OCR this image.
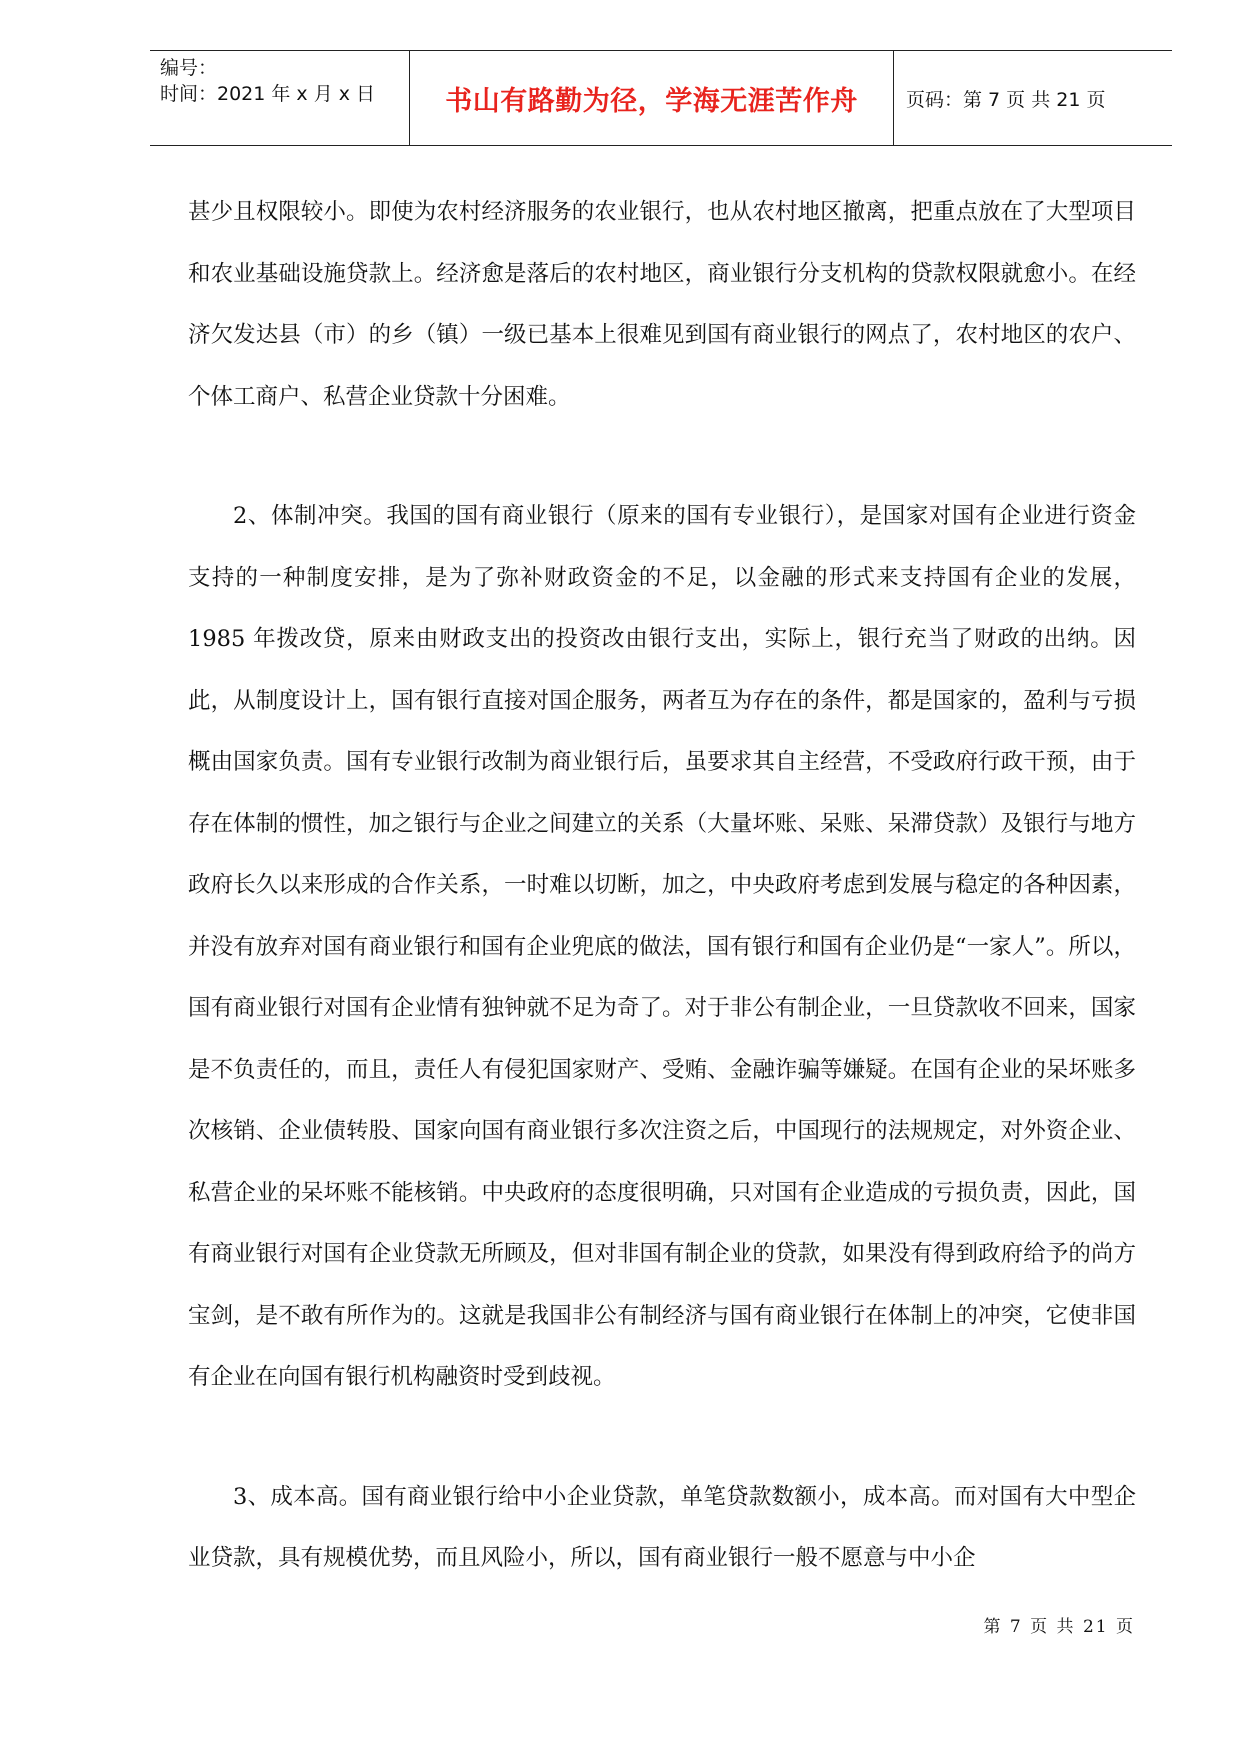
编号：
时间：2021 年 x 月 x 日	书山有路勤为径，学海无涯苦作舟	页码：第 7 页 共 21 页

甚少且权限较小。即使为农村经济服务的农业银行，也从农村地区撤离，把重点放在了大型项目和农业基础设施贷款上。经济愈是落后的农村地区，商业银行分支机构的贷款权限就愈小。在经济欠发达县（市）的乡（镇）一级已基本上很难见到国有商业银行的网点了，农村地区的农户、个体工商户、私营企业贷款十分困难。

2、体制冲突。我国的国有商业银行（原来的国有专业银行），是国家对国有企业进行资金支持的一种制度安排，是为了弥补财政资金的不足，以金融的形式来支持国有企业的发展，1985 年拨改贷，原来由财政支出的投资改由银行支出，实际上，银行充当了财政的出纳。因此，从制度设计上，国有银行直接对国企服务，两者互为存在的条件，都是国家的，盈利与亏损概由国家负责。国有专业银行改制为商业银行后，虽要求其自主经营，不受政府行政干预，由于存在体制的惯性，加之银行与企业之间建立的关系（大量坏账、呆账、呆滞贷款）及银行与地方政府长久以来形成的合作关系，一时难以切断，加之，中央政府考虑到发展与稳定的各种因素，并没有放弃对国有商业银行和国有企业兜底的做法，国有银行和国有企业仍是“一家人”。所以，国有商业银行对国有企业情有独钟就不足为奇了。对于非公有制企业，一旦贷款收不回来，国家是不负责任的，而且，责任人有侵犯国家财产、受贿、金融诈骗等嫌疑。在国有企业的呆坏账多次核销、企业债转股、国家向国有商业银行多次注资之后，中国现行的法规规定，对外资企业、私营企业的呆坏账不能核销。中央政府的态度很明确，只对国有企业造成的亏损负责，因此，国有商业银行对国有企业贷款无所顾及，但对非国有制企业的贷款，如果没有得到政府给予的尚方宝剑，是不敢有所作为的。这就是我国非公有制经济与国有商业银行在体制上的冲突，它使非国有企业在向国有银行机构融资时受到歧视。

3、成本高。国有商业银行给中小企业贷款，单笔贷款数额小，成本高。而对国有大中型企业贷款，具有规模优势，而且风险小，所以，国有商业银行一般不愿意与中小企

第 7 页 共 21 页
